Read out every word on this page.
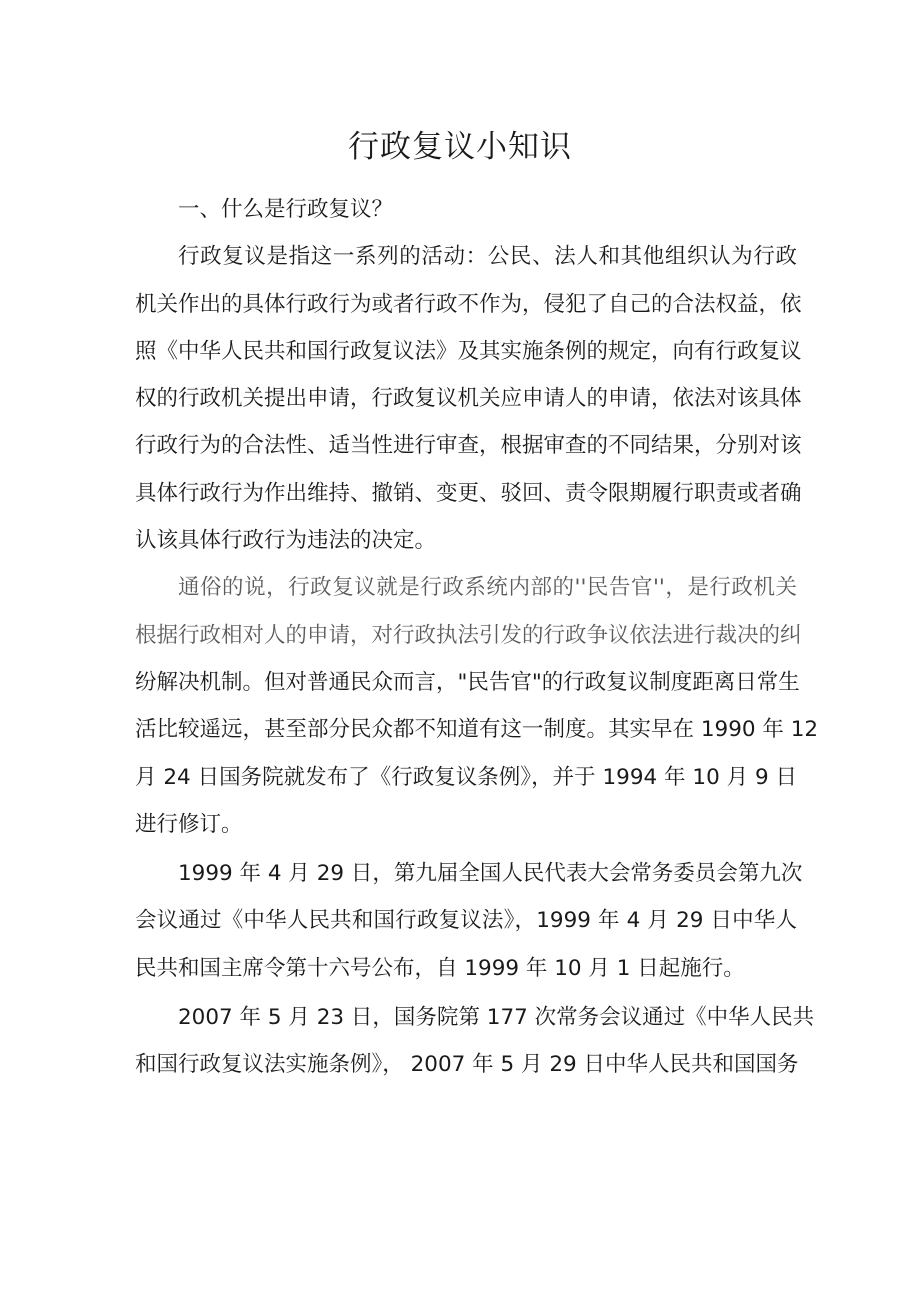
行政复议小知识

一、什么是行政复议？

行政复议是指这一系列的活动：公民、法人和其他组织认为行政
机关作出的具体行政行为或者行政不作为，侵犯了自己的合法权益，依
照《中华人民共和国行政复议法》及其实施条例的规定，向有行政复议
权的行政机关提出申请，行政复议机关应申请人的申请，依法对该具体
行政行为的合法性、适当性进行审查，根据审查的不同结果，分别对该
具体行政行为作出维持、撤销、变更、驳回、责令限期履行职责或者确
认该具体行政行为违法的决定。
通俗的说，行政复议就是行政系统内部的''民告官''，是行政机关
根据行政相对人的申请，对行政执法引发的行政争议依法进行裁决的纠
纷解决机制。但对普通民众而言，"民告官"的行政复议制度距离日常生
活比较遥远，甚至部分民众都不知道有这一制度。其实早在 1990 年 12
月 24 日国务院就发布了《行政复议条例》，并于 1994 年 10 月 9 日
进行修订。
1999 年 4 月 29 日，第九届全国人民代表大会常务委员会第九次
会议通过《中华人民共和国行政复议法》，1999 年 4 月 29 日中华人
民共和国主席令第十六号公布，自 1999 年 10 月 1 日起施行。
2007 年 5 月 23 日，国务院第 177 次常务会议通过《中华人民共
和国行政复议法实施条例》， 2007 年 5 月 29 日中华人民共和国国务
